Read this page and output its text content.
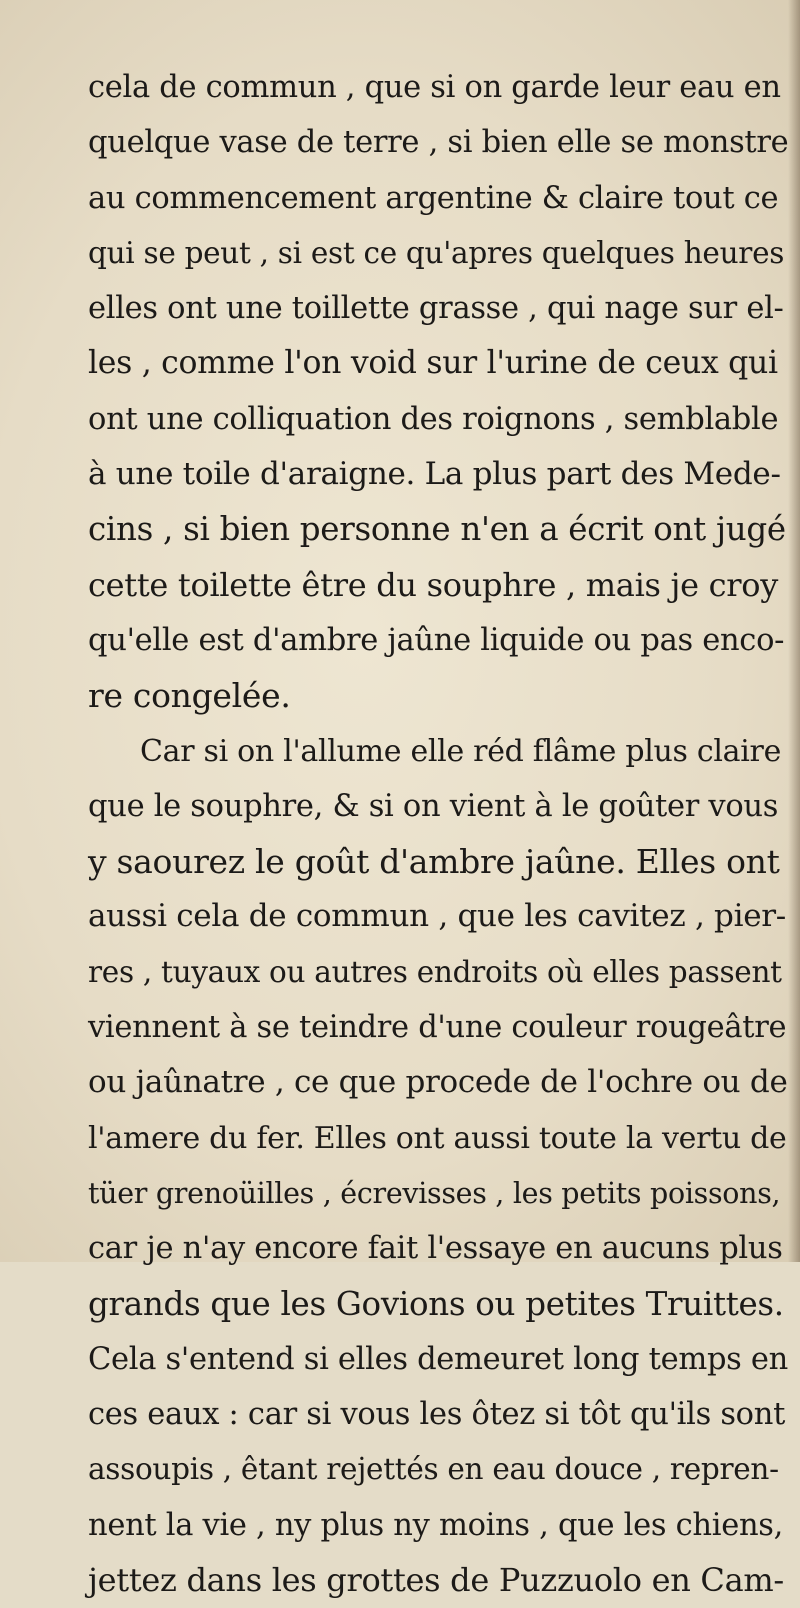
cela de commun , que si on garde leur eau en
quelque vase de terre , si bien elle se monstre
au commencement argentine & claire tout ce
qui se peut , si est ce qu'apres quelques heures
elles ont une toillette grasse , qui nage sur el-
les , comme l'on void sur l'urine de ceux qui
ont une colliquation des roignons , semblable
à une toile d'araigne. La plus part des Mede-
cins , si bien personne n'en a écrit ont jugé
cette toilette être du souphre , mais je croy
qu'elle est d'ambre jaûne liquide ou pas enco-
re congelée.
Car si on l'allume elle réd flâme plus claire
que le souphre, & si on vient à le goûter vous
y saourez le goût d'ambre jaûne. Elles ont
aussi cela de commun , que les cavitez , pier-
res , tuyaux ou autres endroits où elles passent
viennent à se teindre d'une couleur rougeâtre
ou jaûnatre , ce que procede de l'ochre ou de
l'amere du fer. Elles ont aussi toute la vertu de
tüer grenoüilles , écrevisses , les petits poissons,
car je n'ay encore fait l'essaye en aucuns plus
grands que les Govions ou petites Truittes.
Cela s'entend si elles demeuret long temps en
ces eaux : car si vous les ôtez si tôt qu'ils sont
assoupis , êtant rejettés en eau douce , repren-
nent la vie , ny plus ny moins , que les chiens,
jettez dans les grottes de Puzzuolo en Cam-
